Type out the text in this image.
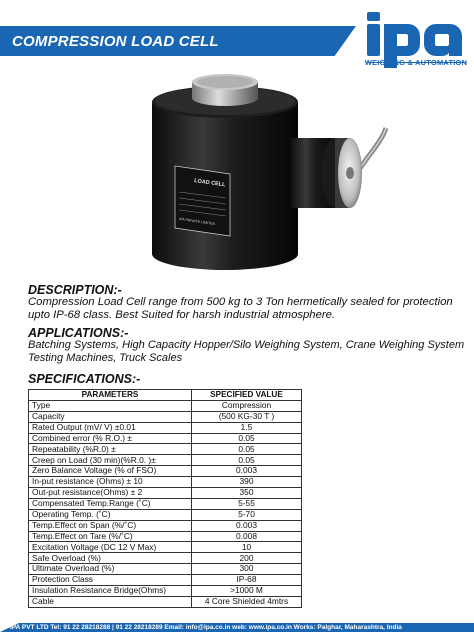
COMPRESSION LOAD CELL
WEIGHING & AUTOMATION
LOAD CELL
IPA PRIVATE LIMITED
DESCRIPTION:-
Compression Load Cell range from 500 kg to 3 Ton hermetically sealed for protection
upto IP-68 class. Best Suited for harsh industrial atmosphere.
APPLICATIONS:-
Batching Systems, High Capacity Hopper/Silo Weighing System, Crane Weighing System
Testing Machines, Truck Scales
SPECIFICATIONS:-
PARAMETERS	SPECIFIED VALUE
Type	Compression
Capacity	(500 KG-30 T )
Rated Output (mV/ V) ±0.01	1.5
Combined error (% R.O.) ±	0.05
Repeatability (%R.0) ±	0.05
Creep on Load (30 min)(%R.0. )±	0.05
Zero Balance Voltage (% of FSO)	0.003
In-put resistance (Ohms) ± 10	390
Out-put resistance(Ohms) ± 2	350
Compensated Temp.Range (˚C)	5-55
Operating Temp. (˚C)	5-70
Temp.Effect on Span (%/˚C)	0.003
Temp.Effect on Tare (%/˚C)	0.008
Excitation Voltage (DC 12 V Max)	10
Safe Overload (%)	200
Ultimate Overload (%)	300
Protection Class	IP-68
Insulation Resistance Bridge(Ohms)	>1000 M
Cable	4 Core Shielded 4mtrs
IPA PVT LTD Tel: 91 22 28218288 | 91 22 28218289 Email: info@ipa.co.in web: www.ipa.co.in Works: Palghar, Maharashtra, India
